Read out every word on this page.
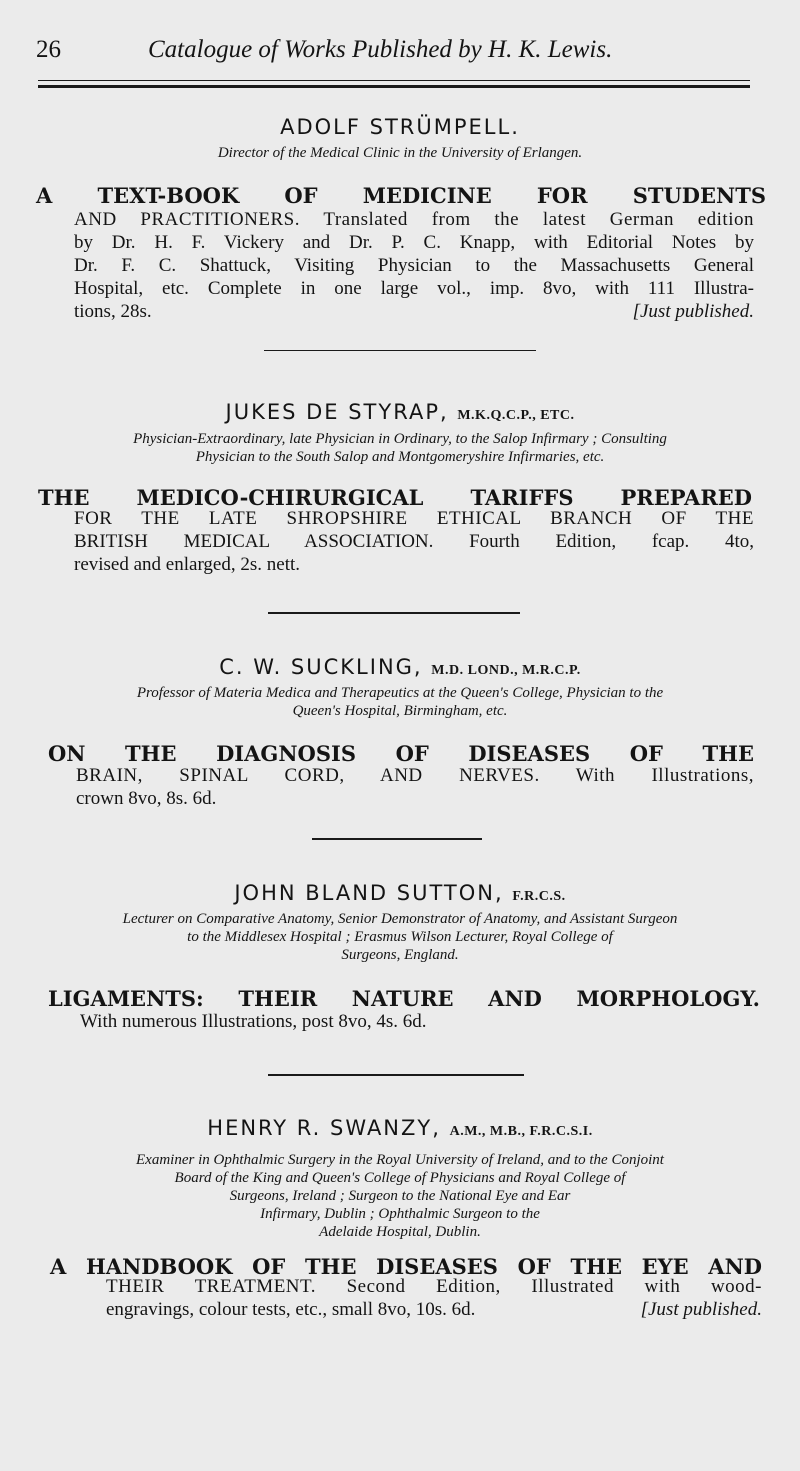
26	Catalogue of Works Published by H. K. Lewis.
ADOLF STRÜMPELL.
Director of the Medical Clinic in the University of Erlangen.
A TEXT-BOOK OF MEDICINE FOR STUDENTS
AND PRACTITIONERS. Translated from the latest German edition
by Dr. H. F. Vickery and Dr. P. C. Knapp, with Editorial Notes by
Dr. F. C. Shattuck, Visiting Physician to the Massachusetts General
Hospital, etc. Complete in one large vol., imp. 8vo, with 111 Illustra-
tions, 28s.	[Just published.
JUKES DE STYRAP, M.K.Q.C.P., ETC.
Physician-Extraordinary, late Physician in Ordinary, to the Salop Infirmary ; Consulting
Physician to the South Salop and Montgomeryshire Infirmaries, etc.
THE MEDICO-CHIRURGICAL TARIFFS PREPARED
FOR THE LATE SHROPSHIRE ETHICAL BRANCH OF THE
BRITISH MEDICAL ASSOCIATION. Fourth Edition, fcap. 4to,
revised and enlarged, 2s. nett.
C. W. SUCKLING, M.D. LOND., M.R.C.P.
Professor of Materia Medica and Therapeutics at the Queen's College, Physician to the
Queen's Hospital, Birmingham, etc.
ON THE DIAGNOSIS OF DISEASES OF THE
BRAIN, SPINAL CORD, AND NERVES. With Illustrations,
crown 8vo, 8s. 6d.
JOHN BLAND SUTTON, F.R.C.S.
Lecturer on Comparative Anatomy, Senior Demonstrator of Anatomy, and Assistant Surgeon
to the Middlesex Hospital ; Erasmus Wilson Lecturer, Royal College of
Surgeons, England.
LIGAMENTS: THEIR NATURE AND MORPHOLOGY.
With numerous Illustrations, post 8vo, 4s. 6d.
HENRY R. SWANZY, A.M., M.B., F.R.C.S.I.
Examiner in Ophthalmic Surgery in the Royal University of Ireland, and to the Conjoint
Board of the King and Queen's College of Physicians and Royal College of
Surgeons, Ireland ; Surgeon to the National Eye and Ear
Infirmary, Dublin ; Ophthalmic Surgeon to the
Adelaide Hospital, Dublin.
A HANDBOOK OF THE DISEASES OF THE EYE AND
THEIR TREATMENT. Second Edition, Illustrated with wood-
engravings, colour tests, etc., small 8vo, 10s. 6d.	[Just published.
